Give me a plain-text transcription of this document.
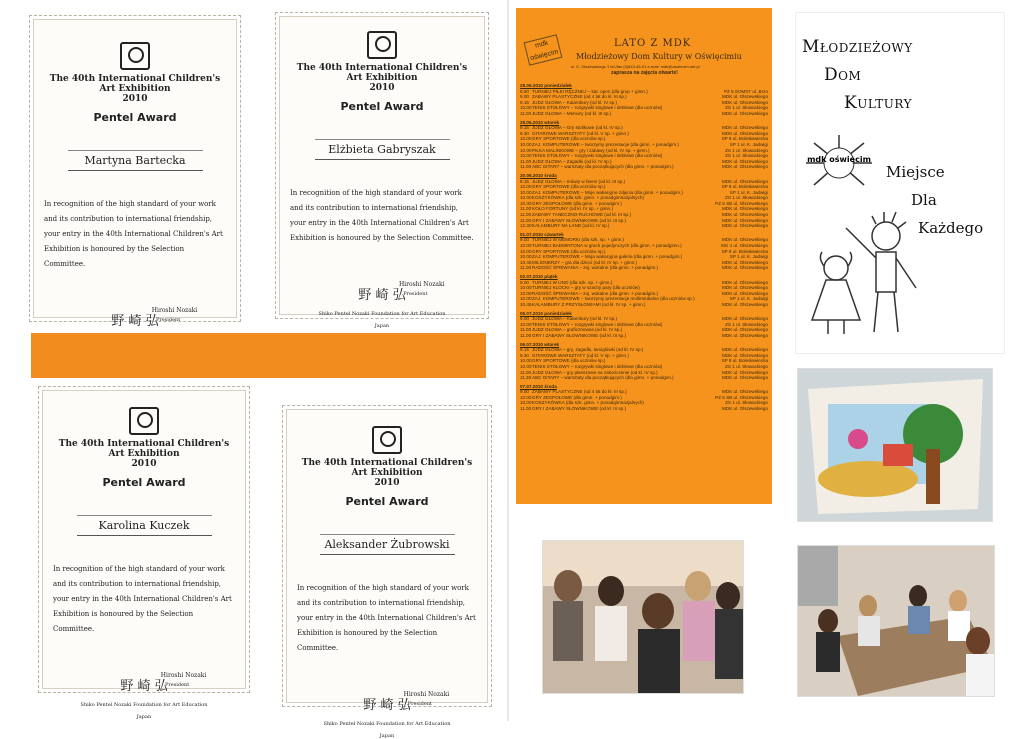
The 40th International Children's
Art Exhibition
2010
Pentel Award
Martyna Bartecka
In recognition of the high standard of your work and its contribution to international friendship, your entry in the 40th International Children's Art Exhibition is honoured by the Selection Committee.
野 崎 弘
Hiroshi Nozaki
President
The 40th International Children's
Art Exhibition
2010
Pentel Award
Elżbieta Gabryszak
In recognition of the high standard of your work and its contribution to international friendship, your entry in the 40th International Children's Art Exhibition is honoured by the Selection Committee.
野 崎 弘
Hiroshi Nozaki
President
Shiko Pentel Nozaki Foundation for Art Education
Japan
The 40th International Children's
Art Exhibition
2010
Pentel Award
Karolina Kuczek
In recognition of the high standard of your work and its contribution to international friendship, your entry in the 40th International Children's Art Exhibition is honoured by the Selection Committee.
野 崎 弘
Hiroshi Nozaki
President
Shiko Pentel Nozaki Foundation for Art Education
Japan
The 40th International Children's
Art Exhibition
2010
Pentel Award
Aleksander Żubrowski
In recognition of the high standard of your work and its contribution to international friendship, your entry in the 40th International Children's Art Exhibition is honoured by the Selection Committee.
野 崎 弘
Hiroshi Nozaki
President
Shiko Pentel Nozaki Foundation for Art Education
Japan
mdk oświęcim
LATO Z MDK
Młodzieżowy Dom Kultury w Oświęcimiu
ul. K. Olszewskiego 1 tel./fax (0)843-45-01 e-mail: mdk@oswiecim.net.pl
zaprasza na zajęcia otwarte!
28.06.2010 poniedziałek
9.00 TURNIEJ PIŁKI RĘCZNEJ – kat. open (dla grup + gimn.)	PZ 5 SOMST ul. Brzo
9.00 ZABAWY PLASTYCZNE (od 4 lat do kl. III sp.)	MDK ul. Olszewskiego
9.15 JUDZ GŁOWA – Kalambury (od kl. IV sp.)	MDK ul. Olszewskiego
10.00 TENIS STOŁOWY – rozgrywki singlowe i deblowe (dla uczniów)	ZS 1 ul. Słowackiego
11.00 JUDZ GŁOWA – Memory (od kl. III sp.)	MDK ul. Olszewskiego
29.06.2010 wtorek
9.15 JUDZ GŁOWA – Gry stolikowe (od kl. IV sp.)	MDK ul. Olszewskiego
9.30 GITAROWE WARSZTATY (od kl. V sp. + gimn.)	MDK ul. Olszewskiego
10.00 GRY SPORTOWE (dla uczniów sp.)	SP 9 ul. Bolesławiecka
10.00 ZAJ. KOMPUTEROWE – tworzymy prezentacje (dla gimn. + ponadgim.)	SP 1 ul. K. Jadwigi
10.00 PIŁKA MALINKOWE – gry i zabawy (od kl. IV sp. + gimn.)	ZS 1 ul. Słowackiego
10.00 TENIS STOŁOWY – rozgrywki singlowe i deblowe (dla uczniów)	ZS 1 ul. Słowackiego
11.00 JUDZ GŁOWA – Zagadki (od kl. IV sp.)	MDK ul. Olszewskiego
11.00 ABC GITARY – warsztaty dla początkujących (dla gimn. + ponadgim.)	MDK ul. Olszewskiego
30.06.2010 środa
9.15 JUDZ GŁOWA – mówię w bierni (od kl. III sp.)	MDK ul. Olszewskiego
10.00 GRY SPORTOWE (dla uczniów sp.)	SP 9 ul. Bolesławiecka
10.00 ZAJ. KOMPUTEROWE – Moje wakacyjne zdjęcia (dla gimn. + ponadgim.)	SP 1 ul. K. Jadwigi
10.00 KOSZYKÓWKA (dla szk. gimn. + ponadgimnazjalnych)	ZS 1 ul. Słowackiego
10.30 GRY ZESPOŁOWE (dla gimn. + ponadgim.)	PZ 5 SB ul. Olszewskiego
11.00 KOŁO FORTUNY (od kl. IV sp. + gimn.)	MDK ul. Olszewskiego
11.00 ZABAWY TANECZNO-RUCHOWE (od kl. III sp.)	MDK ul. Olszewskiego
11.00 GRY I ZABAWY SŁOWNIKOWE (od kl. III sp.)	MDK ul. Olszewskiego
12.30 KALAMBURY NA LAND (od kl. IV sp.)	MDK ul. Olszewskiego
01.07.2010 czwartek
9.00 TURNIEJ W MEMORKI (dla szk. sp. + gimn.)	MDK ul. Olszewskiego
10.00 TURNIEJ BADMINTONA w grach pojedynczych (dla gimn. + ponadgimn.)	MG 1 ul. Olszewskiego
10.00 GRY SPORTOWE (dla uczniów sp.)	SP 9 ul. Bolesławiecka
10.00 ZAJ. KOMPUTEROWE – Moja wakacyjna galeria (dla gimn. + ponadgim.)	SP 1 ul. K. Jadwigi
10.45 MILIONERZY – gra dla dzieci (od kl. IV sp. + gimn.)	MDK ul. Olszewskiego
11.00 RADOŚĆ ŚPIEWANIA – zaj. wokalne (dla gimn. + ponadgim.)	MDK ul. Olszewskiego
02.07.2010 piątek
9.00 TURNIEJ W UNO (dla szk. sp. + gimn.)	MDK ul. Olszewskiego
10.00 TURNIEJ KLOCKI – gry w szachy pary (dla uczniów)	MDK ul. Olszewskiego
10.00 RADOŚĆ ŚPIEWANIA – zaj. wokalne (dla gimn. + ponadgim.)	MDK ul. Olszewskiego
10.00 ZAJ. KOMPUTEROWE – tworzymy prezentacje multimedialne (dla uczniów sp.)	SP 1 ul. K. Jadwigi
10.45 KALAMBURY Z PRZYSŁOWIAMI (od kl. IV sp. + gimn.)	MDK ul. Olszewskiego
05.07.2010 poniedziałek
9.00 JUDZ GŁOWA – Kalambury (od kl. IV sp.)	MDK ul. Olszewskiego
10.00 TENIS STOŁOWY – rozgrywki singlowe i deblowe (dla uczniów)	ZS 1 ul. Słowackiego
11.00 JUDZ GŁOWA – graficznowna (od kl. IV sp.)	MDK ul. Olszewskiego
11.00 GRY I ZABAWY SŁOWNIKOWE (od kl. III sp.)	MDK ul. Olszewskiego
06.07.2010 wtorek
9.15 JUDZ GŁOWA – gry, zagadki, łamigłówki (od kl. IV sp.)	MDK ul. Olszewskiego
9.30 GITAROWE WARSZTATY (od kl. V sp. + gimn.)	MDK ul. Olszewskiego
10.00 GRY SPORTOWE (dla uczniów sp.)	SP 9 ul. Bolesławiecka
10.00 TENIS STOŁOWY – rozgrywki singlowe i deblowe (dla uczniów)	ZS 1 ul. Słowackiego
11.00 JUDZ GŁOWA – gry planszowe na zakończenie (od kl. IV sp.)	MDK ul. Olszewskiego
11.30 ABC GITARY – warsztaty dla początkujących (dla gimn. + ponadgim.)	MDK ul. Olszewskiego
07.07.2010 środa
9.00 ZABAWY PLASTYCZNE (od 4 lat do kl. III sp.)	MDK ul. Olszewskiego
10.00 GRY ZESPOŁOWE (dla gimn. + ponadgim.)	PZ 5 SB ul. Olszewskiego
10.00 KOSZYKÓWKA (dla szk. gimn. + ponadgimnazjalnych)	ZS 1 ul. Słowackiego
11.00 GRY I ZABAWY SŁOWNIKOWE (od kl. III sp.)	MDK ul. Olszewskiego
Młodzieżowy
Dom
Kultury
mdk oświęcim
Miejsce
Dla
Każdego
